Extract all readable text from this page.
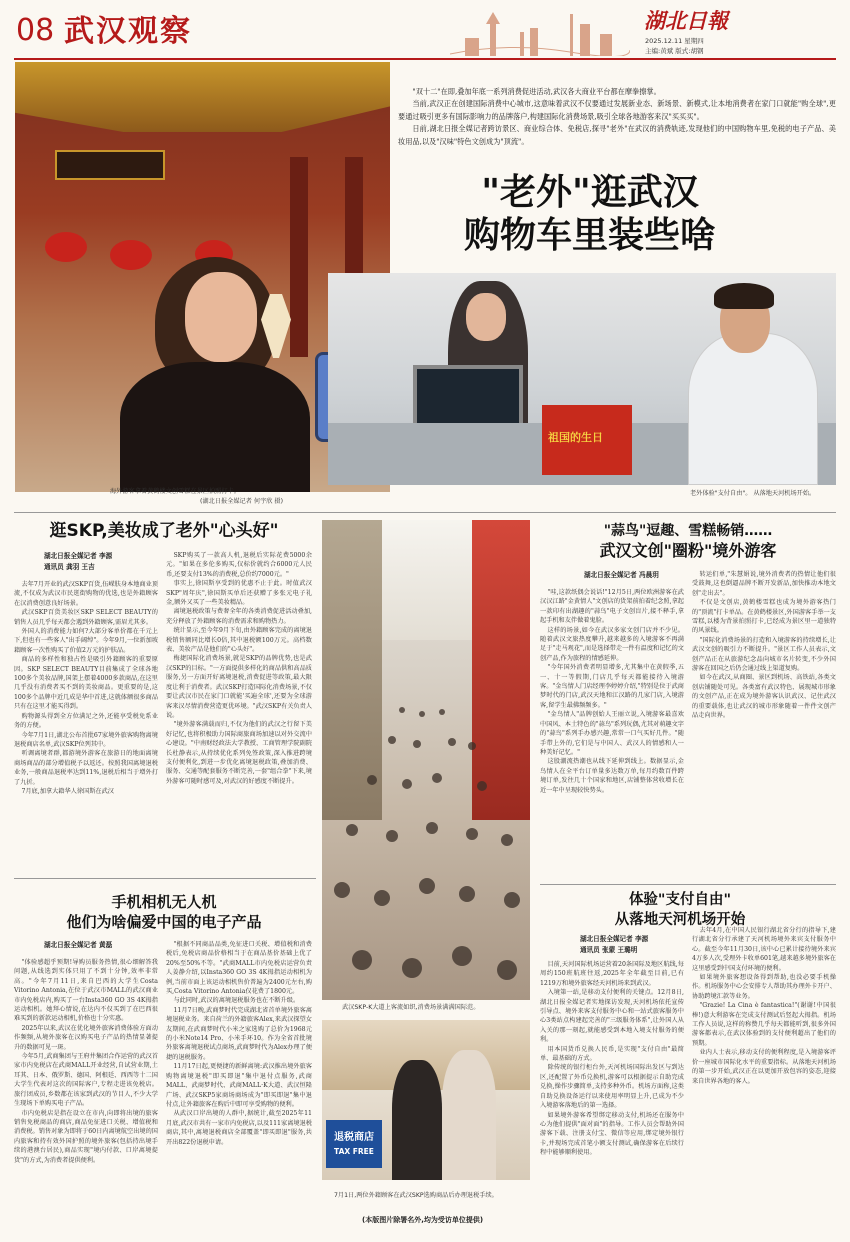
08 武汉观察	湖北日報
2025.12.11 星期四
主编:黄斌 版式:胡钢

"双十二"在即,叠加年底一系列消费促进活动,武汉各大商业平台都在摩拳擦掌。

当前,武汉正在创建国际消费中心城市,这意味着武汉不仅要通过发展新业态、新场景、新模式,让本地消费者在家门口就能"购全球",更要通过吸引更多有国际影响力的品牌落户,构建国际化消费场景,吸引全球各地游客来汉"买买买"。

日前,湖北日报全媒记者跨访景区、商业综合体、免税店,探寻"老外"在武汉的消费轨迹,发现他们的中国购物车里,免税的电子产品、美妆用品,以及"汉味"特色文创成为"顶流"。

"老外"逛武汉
购物车里装些啥
祖国的生日
海外游客拿着黄鹤楼文创雪糕在景区拍照打卡。
(湖北日报全媒记者 何宇欣 摄)
老外体验"支付自由"。 从落地天河机场开始。
逛SKP,美妆成了老外"心头好"
湖北日报全媒记者 李源
通讯员 龚羽 王吉

去年7月开业的武汉SKP百货,伍嵘肤身本地商业顶流,不仅成为武汉市民逛街购物的优选,也是外籍顾客在汉消费创意良好场景。

武汉SKP百货美妆区SKP SELECT BEAUTY的销售人员几乎每天都会遇到外籍顾客,需眉尤其多。

外国人的消费能力如何?大部分客单价都在千元上下,但也有一些客人"出手阔绰"。今年9月,一位新加坡籍顾客一次性购买了价值2万元的护肤品。

商品的多样性和独占性是吸引外籍顾客的重要原因。SKP SELECT BEAUTY目前集成了全球各地100多个美妆品牌,国架上摆着4000多款商品,在这里几乎没有消费者买不到的美妆商品。更重要的是,这100多个品牌中近几成是华中首进,这就体额很多商品只有在这里才能买得到。

购物源头得到全方位满足之外,还能享受税免系业务的方便。

今年7月1日,湖北公布首批67家境外旅客购物离境退税商店名单,武汉SKP位列其中。

听调离境者群,都游境外游客在旅游日的地面离境商场商品的部分增值税予以返还。按照我国离境退税业务,一般商品退税率达到11%,退税后相当于增外打了九折。

7月底,加拿大籍华人徐国斯在武汉

SKP购买了一款高人机,退税后实际花费5000余元。"如果在多伦多购买,仅标价就约合6000元人民币,还要支付13%的消费税,总价约7000元。"

事实上,徐国斯享受到的优惠不止于此。时值武汉SKP"周年庆",徐国斯买单后还获赠了多张元电子礼金,额外又买了一些美妆精品。

离境退税政策与费奢全年的各类消费促进活动叠加,充分释放了外籍顾客的消费需求和购物热力。

统计显示,至今年9月下旬,由外籍顾客完成的离境退税销售额同比增长0倍,其中退税额100万元。高档数表、美妆产品是他们的"心头好"。

梅捷国际化消费场景,就是SKP的品牌优势,也是武汉SKP的目标。"一方面提供多样化的商品供和高品质服务,另一方面开好离境退税,消费促进等政策,最大限度让利于消费者。武汉SKP打造国际化消费场景,不仅要让武汉市民在家门口就能'买遍全球',还要为全球游客来汉尽情消费营造更优环境。"武汉SKP有关负责人说。

"境外游客满载而归,不仅为他们的武汉之行留下美好记忆,也将积极助力国际商旅商场加速以对外交流中心建设。"中南财经政法大学教授、工商管理学院副院长杜静表示,从持续优化系列免签政策,深入推进跨境支付便利化,到进一步优化离境退税政策,叠加消费、服务、交通等配套服务不断完善,一套"组合拳"下来,境外游客可随时感可及,对武汉的好感度不断提升。

手机相机无人机
他们为啥偏爱中国的电子产品
湖北日报全媒记者 黄磊

"体验感超乎预期!导购员服务热情,很心细解答我问题,从线选到实体只用了不到十分钟,效率非常高。"今年7月11日,来自巴西的大学生Costa Vitorino Antonia,在位于武汉市MALL的武汉商业市内免税店内,购买了一台Insta360 GO 3S 4K拇指运动相机。她拜心情说,在达内不仅买到了在巴西很难买到的新款运动相机,价格也十分实惠。

2025年以来,武汉在优化境外旅客消费体验方面动作频频,从境外旅客在汉购买电子产品的热情显著提升的数据可见一斑。

今年5月,武商集团与王府井集团合作运营的武汉首家市内免税店在武商MALL开业经营,自试营业期,土耳其、日本、俄罗斯、德国、阿根廷、西西等十二国大学生代表对这次的国际客户,专程走进该免税店。旅行团成员,乡数都在该家到武汉的节目人,不少大学生现场下单购买电子产品。

市内免税店是指在设立在市内,向即将出境的旅客销售免税商品的商店,商品免征进口关税、增值税和消费税。销售对象为即将于60日内离境航空出境的国内旅客和持有效外国护照的境外旅客(包括持出境手续的港澳台居民),商品实现"境内付款、口岸离境提货"的方式,为消费者提供便利。

"根据不同商品品类,免征进口关税、增值税和消费税后,免税店商品价格相当于在商品基价基础上优了20%至50%不等。"武商MALL市内免税店运营负责人姜静介绍,以Insta360 GO 3S 4K拇指运动相机为例,当前市面上该运动相机售价普遍为2400元左右,购买,Costa Vitorino Antonia仅花费了1800元。

与此同时,武汉的离境退税服务也在不断升级。

11月7日晚,武商梦时代完成湖北省首单境外旅客离境退税业务。来自荷兰的外籍旅客Alex,来武汉探望女友期间,在武商梦时代小米之家选购了总价为1968元的小米Note14 Pro、小米手环10。作为全省首批境外旅客离境退税试点商场,武商梦时代为Alex办理了便捷的退税服务。

11月17日起,更便捷的新鲜离境:武汉推出境外旅客购物离境退税"即买即退"集中退付点服务,武商MALL、武商梦时代、武商MALL·K大道、武汉恒隆广场、武汉SKP5家商场商场成为"即买即退"集中退付点,让外籍旅客在购后中即可享受购物的便利。

从武汉口岸出境的人群中,据统计,截至2025年11月底,武汉市共有一家市内免税店,以及111家离境退税商店,其中,离境退税商店全部覆盖"即买即退"服务,共开出822份退税申请。

武汉SKP-K大道上客流如织,消费场景满满国际范。
退税商店
TAX FREE
7月1日,两位外籍顾客在武汉SKP选购商品后办理退税手续。
"蒜鸟"逗趣、雪糕畅销……
武汉文创"圈粉"境外游客
湖北日报全媒记者 冯晨玥

"哇,这款纸偶会说话!"12月5日,两位欧洲游客在武汉汉江路"金黄情人"文创店的货架前拍着纪念照,拿起一款印有出湖趣的"蒜鸟"电子文创盲片,接不释手,拿起手机和友伴做着鬼脸。

这样的场景,如今在武汉多家文创门店并不少见。随着武汉文旅热度攀升,越来越多的入境游客不再满足于"走马观花",而是选择带走一件有温度和记忆的文创产品,作为旅程的情感延伸。

"今年国外消费者明显增多,尤其集中在黄假季,五一、十一等假期,门店几乎每天都能接待入境游客。"金鸟情人门店经理李婷婷介绍,"特别是位于武商梦时代的门店,武汉天地和江汉路的几家门店,入境游客,留学生最佛频频多。"

"金鸟情人"品牌创始人王丽立说,入境游客最喜欢中国风、本土特色的"蒜鸟"系列玩偶,尤其对萌趣文字的"蒜鸟"系列手办感兴趣,常常一口气买好几件。"随手带上外的,它们是与中国人、武汉人的情感和人一种美好记忆。"

这股潮流热潮也从线下延伸到线上。数据显示,金鸟情人在全平台订单量多达数万单,每月约数百件跨境订单,发往几十个国家和地区,店铺整体营收增长在近一年中呈现较快势头。

转运们单,"朱慧娟说,境外消费者的热情让他们很受鼓舞,这也倒逼品牌不断开发新品,加快推动本地文创"走出去"。

不仅是文创店,黄鹤楼雪糕也成为境外游客热门的"顶流"打卡单品。在黄鹤楼景区,外国游客手举一支雪糕,以楼为背景拍照打卡,已经成为景区里一道独特的风景线。

"国际化消费场景的打造和入境游客的持续增长,让武汉文创的吸引力不断提升。"景区工作人员表示,文创产品正在从旅游纪念品向城市名片转变,不少外国游客在回国之后仍会通过线上渠道复购。

如今在武汉,从商圈、景区到机场、高铁站,各类文创店铺随处可见。各类富有武汉特色、展现城市形象的文创产品,正在成为境外游客认识武汉、记住武汉的重要载体,也让武汉的城市形象随着一件件文创产品走向世界。

体验"支付自由"
从落地天河机场开始
湖北日报全媒记者 李源
通讯员 张蒙 王璐明

目前,天河国际机场运营着20条国际及地区航线,每周约150班航班往返,2025年全年截至目前,已有1219万和境外旅客经天河机场来到武汉。

入境第一站,是移动支付便利的关键点。12月8日,湖北日报全媒记者实地探访发现,天河机场依托宣传引导点、境外来客支付服务中心和一站式旅客服务中心3类站点构建起完善的"三级服务体系",让外国人从入关的那一刻起,就能感受到本地入境支付服务的便利。

用本国货币兑换人民币,是实现"支付自由"最简单、最基础的方式。

除传统的银行柜台外,天河机场国际出发区与到达区,还配置了外币兑换机,游客可以根据提示自助完成兑换,操作步骤简单,支持多种外币。机场方面称,这类自助兑换设备运行以来使用率明显上升,已成为不少入境游客落地后的第一选择。

如果境外游客希望绑定移动支付,机场还在服务中心为他们提供"面对面"的指导。工作人员会帮助外国游客下载、注册支付宝、微信等应用,绑定境外银行卡,并现场完成首笔小额支付测试,确保游客在后续行程中能够顺利使用。

去年4月,在中国人民银行湖北省分行的指导下,建行湖北省分行承建了天河机场境外来宾支付服务中心。截至今年11月30日,该中心已累计接待境外来宾4万多人次,受理外卡收单601笔,越来越多境外旅客在这里感受到中国支付环境的便利。

如果境外旅客想设备得到帮助,也没必要手机操作。机场服务中心会安排专人帮助其办理外卡开户、协助跨境汇款等业务。

"Grazie! La Cina è fantastica!"(谢谢!中国很棒!)意大利游客在完成支付测试后竖起大拇指。机场工作人员说,这样的称赞几乎每天都能听到,很多外国游客都表示,在武汉体验到的支付便利超出了他们的预期。

业内人士表示,移动支付的便利程度,是入境游客评价一座城市国际化水平的重要指标。从落地天河机场的第一步开始,武汉正在以更加开放包容的姿态,迎接来自世界各地的客人。

(本版图片除署名外,均为受访单位提供)
